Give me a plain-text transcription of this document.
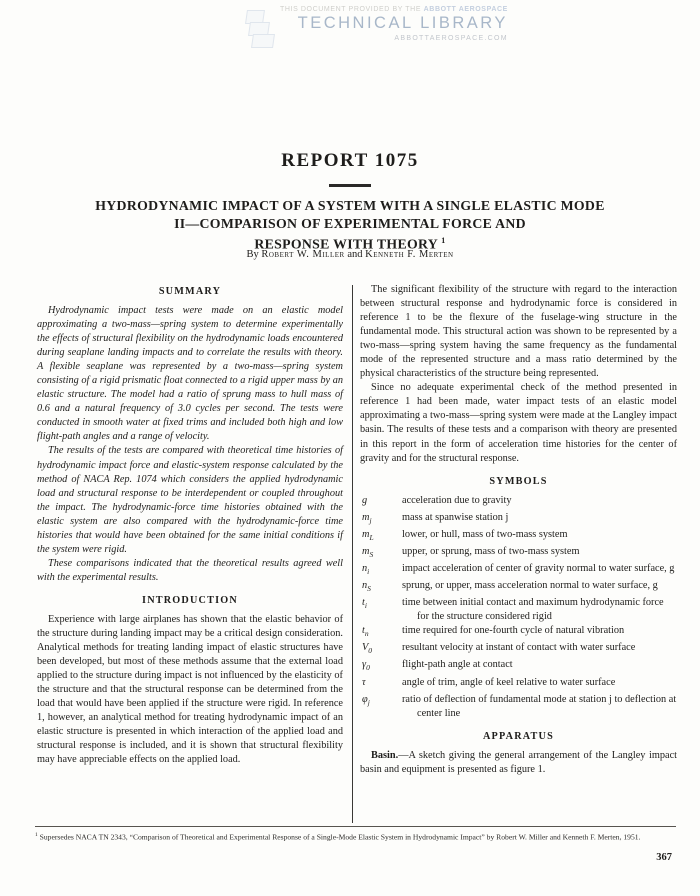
THIS DOCUMENT PROVIDED BY THE ABBOTT AEROSPACE
TECHNICAL LIBRARY
ABBOTTAEROSPACE.COM
REPORT 1075
HYDRODYNAMIC IMPACT OF A SYSTEM WITH A SINGLE ELASTIC MODE
II—COMPARISON OF EXPERIMENTAL FORCE AND
RESPONSE WITH THEORY $^1$
By Robert W. Miller and Kenneth F. Merten
SUMMARY

Hydrodynamic impact tests were made on an elastic model approximating a two-mass—spring system to determine experimentally the effects of structural flexibility on the hydrodynamic loads encountered during seaplane landing impacts and to correlate the results with theory. A flexible seaplane was represented by a two-mass—spring system consisting of a rigid prismatic float connected to a rigid upper mass by an elastic structure. The model had a ratio of sprung mass to hull mass of 0.6 and a natural frequency of 3.0 cycles per second. The tests were conducted in smooth water at fixed trims and included both high and low flight-path angles and a range of velocity.

The results of the tests are compared with theoretical time histories of hydrodynamic impact force and elastic-system response calculated by the method of NACA Rep. 1074 which considers the applied hydrodynamic load and structural response to be interdependent or coupled throughout the impact. The hydrodynamic-force time histories obtained with the elastic system are also compared with the hydrodynamic-force time histories that would have been obtained for the same initial conditions if the system were rigid.

These comparisons indicated that the theoretical results agreed well with the experimental results.

INTRODUCTION

Experience with large airplanes has shown that the elastic behavior of the structure during landing impact may be a critical design consideration. Analytical methods for treating landing impact of elastic structures have been developed, but most of these methods assume that the external load applied to the structure during impact is not influenced by the elasticity of the structure and that the structural response can be determined from the load that would have been applied if the structure were rigid. In reference 1, however, an analytical method for treating hydrodynamic impact of an elastic structure is presented in which interaction of the applied load and structural response is included, and it is shown that structural flexibility may have appreciable effects on the applied load.

The significant flexibility of the structure with regard to the interaction between structural response and hydrodynamic force is considered in reference 1 to be the flexure of the fuselage-wing structure in the fundamental mode. This structural action was shown to be represented by a two-mass—spring system having the same frequency as the fundamental mode of the represented structure and a mass ratio determined by the physical characteristics of the structure being represented.

Since no adequate experimental check of the method presented in reference 1 had been made, water impact tests of an elastic model approximating a two-mass—spring system were made at the Langley impact basin. The results of these tests and a comparison with theory are presented in this report in the form of acceleration time histories for the center of gravity and for the structural response.

SYMBOLS
g	acceleration due to gravity
$m_j$	mass at spanwise station j
$m_L$	lower, or hull, mass of two-mass system
$m_S$	upper, or sprung, mass of two-mass system
$n_i$	impact acceleration of center of gravity normal to water surface, g
$n_S$	sprung, or upper, mass acceleration normal to water surface, g
$t_i$	time between initial contact and maximum hydrodynamic force for the structure considered rigid
$t_n$	time required for one-fourth cycle of natural vibration
$V_0$	resultant velocity at instant of contact with water surface
$\gamma_0$	flight-path angle at contact
τ	angle of trim, angle of keel relative to water surface
$\varphi_j$	ratio of deflection of fundamental mode at station j to deflection at center line
APPARATUS

Basin.—A sketch giving the general arrangement of the Langley impact basin and equipment is presented as figure 1.

$^1$ Supersedes NACA TN 2343, “Comparison of Theoretical and Experimental Response of a Single-Mode Elastic System in Hydrodynamic Impact” by Robert W. Miller and Kenneth F. Merten, 1951.
367
